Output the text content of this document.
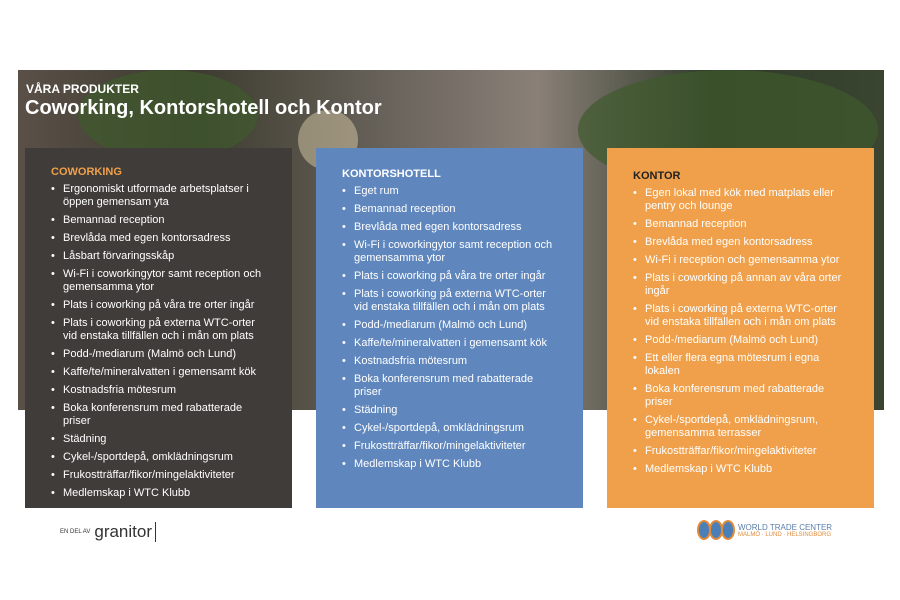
VÅRA PRODUKTER
Coworking, Kontorshotell och Kontor
COWORKING
• Ergonomiskt utformade arbetsplatser i öppen gemensam yta
• Bemannad reception
• Brevlåda med egen kontorsadress
• Låsbart förvaringsskåp
• Wi-Fi i coworkingytor samt reception och gemensamma ytor
• Plats i coworking på våra tre orter ingår
• Plats i coworking på externa WTC-orter vid enstaka tillfällen och i mån om plats
• Podd-/mediarum (Malmö och Lund)
• Kaffe/te/mineralvatten i gemensamt kök
• Kostnadsfria mötesrum
• Boka konferensrum med rabatterade priser
• Städning
• Cykel-/sportdepå, omklädningsrum
• Frukostträffar/fikor/mingelaktiviteter
• Medlemskap i WTC Klubb
KONTORSHOTELL
• Eget rum
• Bemannad reception
• Brevlåda med egen kontorsadress
• Wi-Fi i coworkingytor samt reception och gemensamma ytor
• Plats i coworking på våra tre orter ingår
• Plats i coworking på externa WTC-orter vid enstaka tillfällen och i mån om plats
• Podd-/mediarum (Malmö och Lund)
• Kaffe/te/mineralvatten i gemensamt kök
• Kostnadsfria mötesrum
• Boka konferensrum med rabatterade priser
• Städning
• Cykel-/sportdepå, omklädningsrum
• Frukostträffar/fikor/mingelaktiviteter
• Medlemskap i WTC Klubb
KONTOR
• Egen lokal med kök med matplats eller pentry och lounge
• Bemannad reception
• Brevlåda med egen kontorsadress
• Wi-Fi i reception och gemensamma ytor
• Plats i coworking på annan av våra orter ingår
• Plats i coworking på externa WTC-orter vid enstaka tillfällen och i mån om plats
• Podd-/mediarum (Malmö och Lund)
• Ett eller flera egna mötesrum i egna lokalen
• Boka konferensrum med rabatterade priser
• Cykel-/sportdepå, omklädningsrum, gemensamma terrasser
• Frukostträffar/fikor/mingelaktiviteter
• Medlemskap i WTC Klubb
EN DEL AV granitor	WORLD TRADE CENTER
MALMÖ · LUND · HELSINGBORG
